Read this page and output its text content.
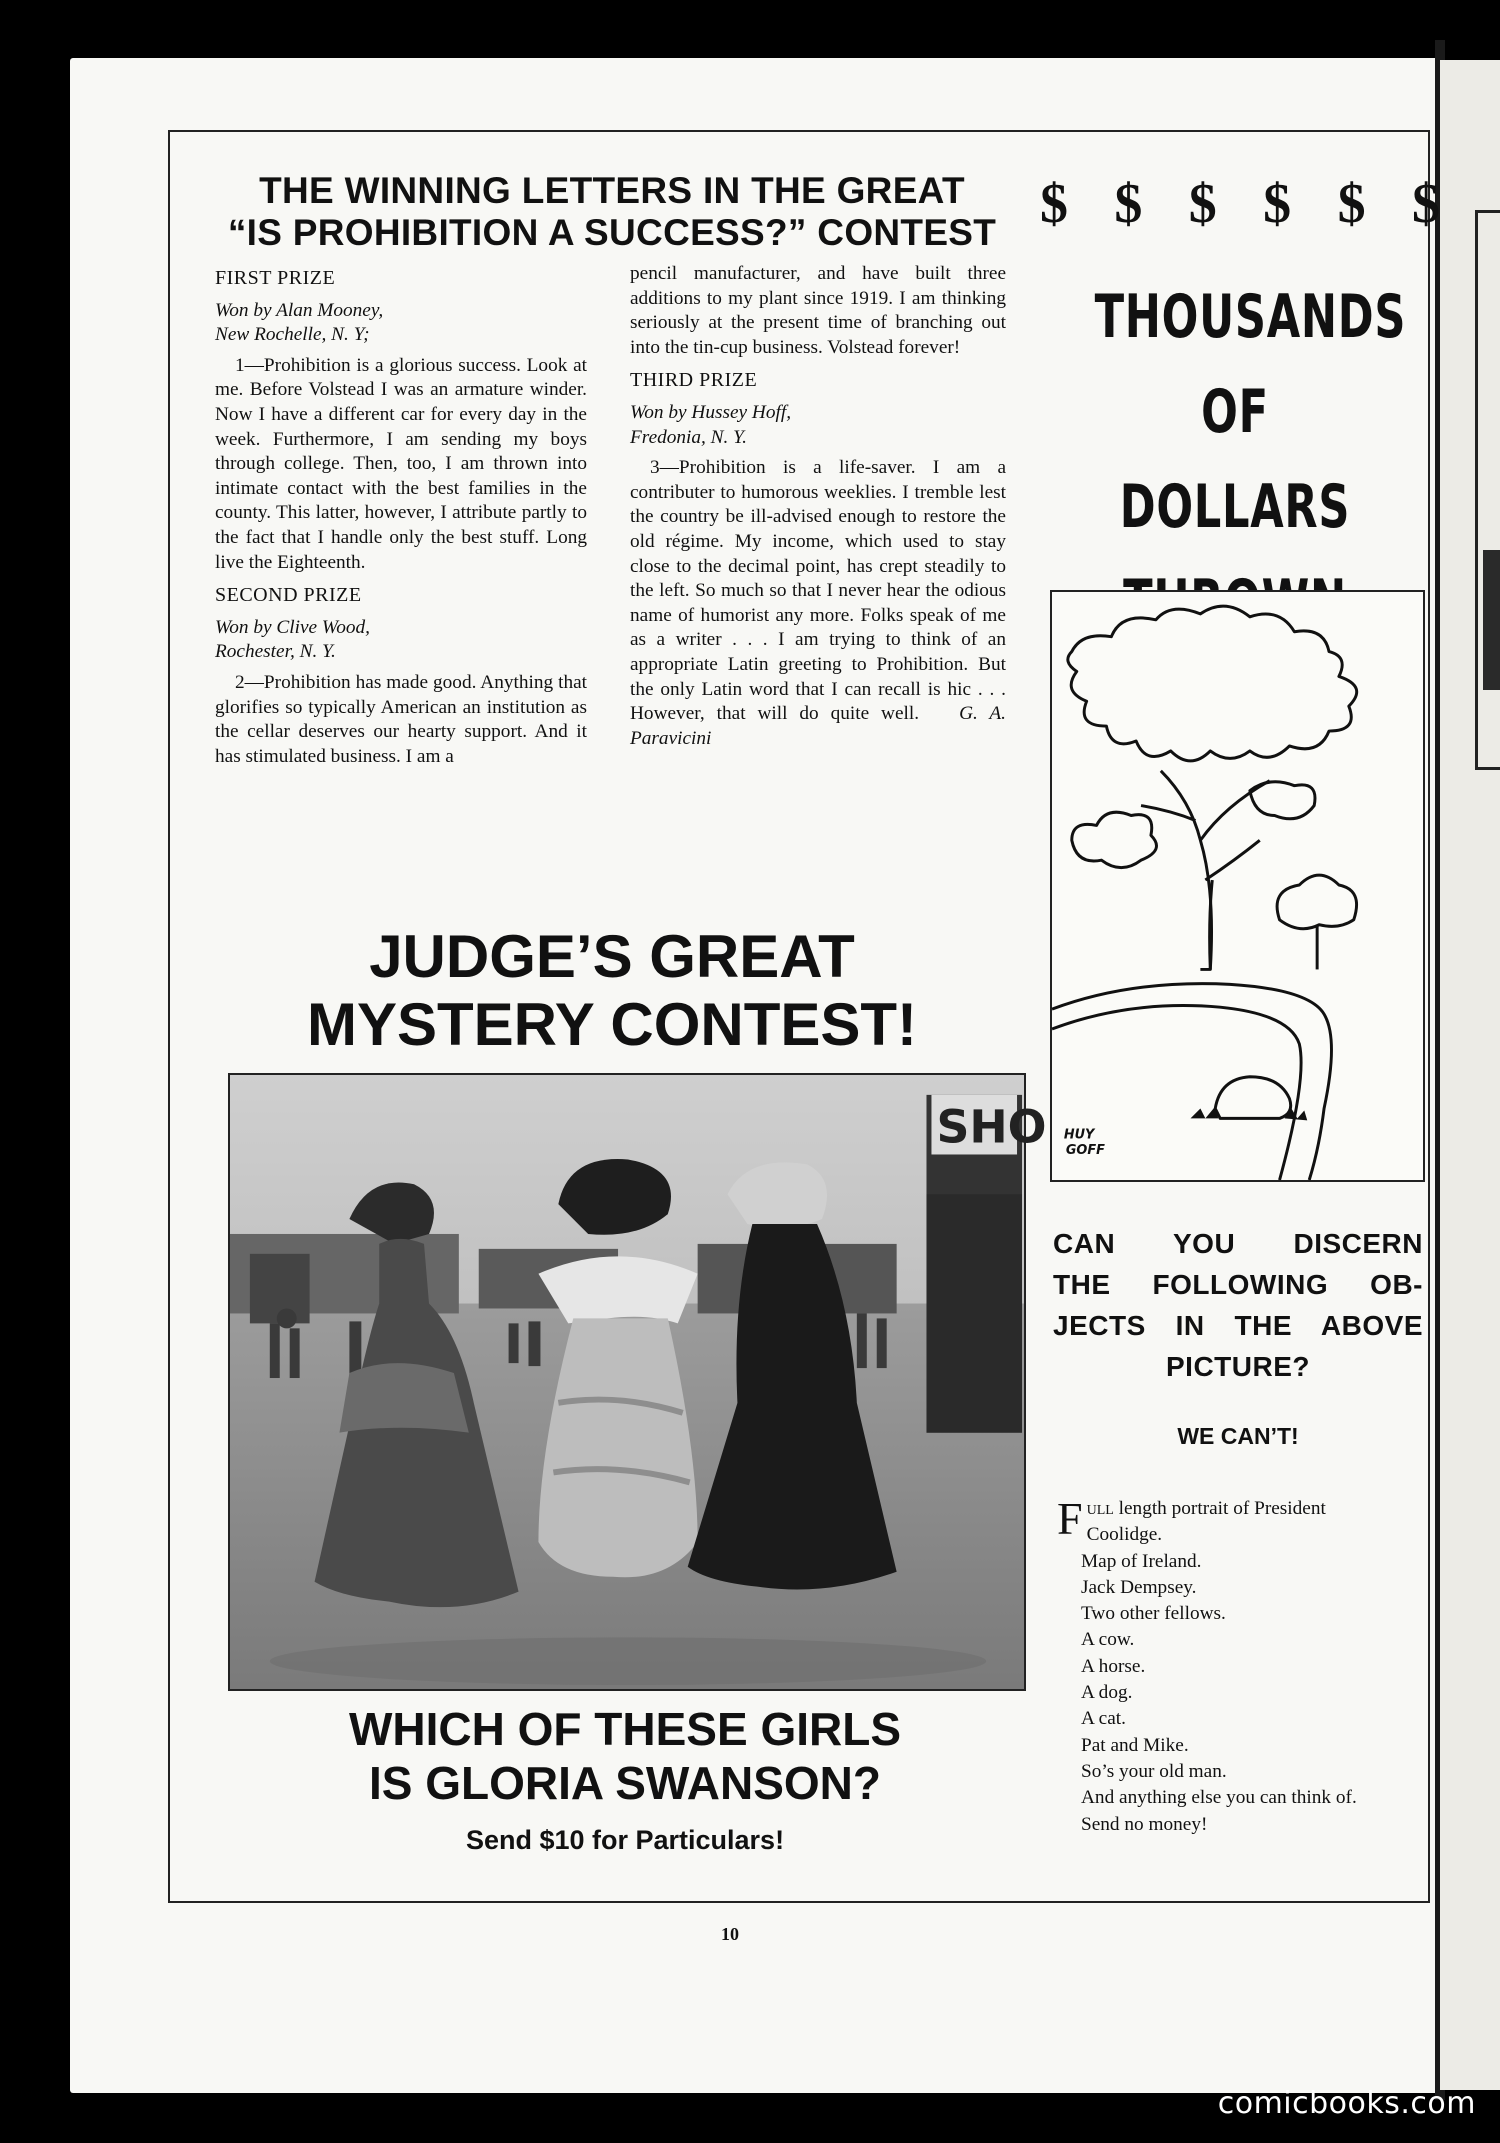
THE WINNING LETTERS IN THE GREAT
“IS PROHIBITION A SUCCESS?” CONTEST

FIRST PRIZE

Won by Alan Mooney,
New Rochelle, N. Y;

1—Prohibition is a glorious success. Look at me. Before Volstead I was an armature winder. Now I have a different car for every day in the week. Furthermore, I am sending my boys through college. Then, too, I am thrown into intimate contact with the best families in the county. This latter, however, I attribute partly to the fact that I handle only the best stuff. Long live the Eighteenth.

SECOND PRIZE

Won by Clive Wood,
Rochester, N. Y.

2—Prohibition has made good. Anything that glorifies so typically American an institution as the cellar deserves our hearty support. And it has stimulated business. I am a

pencil manufacturer, and have built three additions to my plant since 1919. I am thinking seriously at the present time of branching out into the tin-cup business. Volstead forever!

THIRD PRIZE

Won by Hussey Hoff,
Fredonia, N. Y.

3—Prohibition is a life-saver. I am a contributer to humorous weeklies. I tremble lest the country be ill-advised enough to restore the old régime. My income, which used to stay close to the decimal point, has crept steadily to the left. So much so that I never hear the odious name of humorist any more. Folks speak of me as a writer . . . I am trying to think of an appropriate Latin greeting to Prohibition. But the only Latin word that I can recall is hic . . . However, that will do quite well. G. A. Paravicini

JUDGE’S GREAT
MYSTERY CONTEST!
SHO
WHICH OF THESE GIRLS
IS GLORIA SWANSON?
Send $10 for Particulars!
$ $ $ $ $ $
THOUSANDS
OF DOLLARS
HUY
GOFF
CAN YOU DISCERN
THE FOLLOWING OB-
JECTS IN THE ABOVE
PICTURE?
WE CAN’T!
Full length portrait of President
Coolidge.
Map of Ireland.
Jack Dempsey.
Two other fellows.
A cow.
A horse.
A dog.
A cat.
Pat and Mike.
So’s your old man.
And anything else you can think of.
Send no money!
10
comicbooks.com
